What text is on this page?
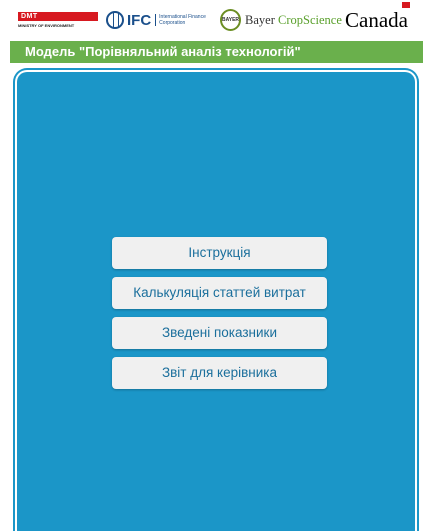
DMT
MINISTRY OF ENVIRONMENT	IFC	International Finance Corporation	BAYER Bayer CropScience Canada
Модель "Порівняльний аналіз технологій"
Інструкція
Калькуляція статтей витрат
Зведені показники
Звіт для керівника
